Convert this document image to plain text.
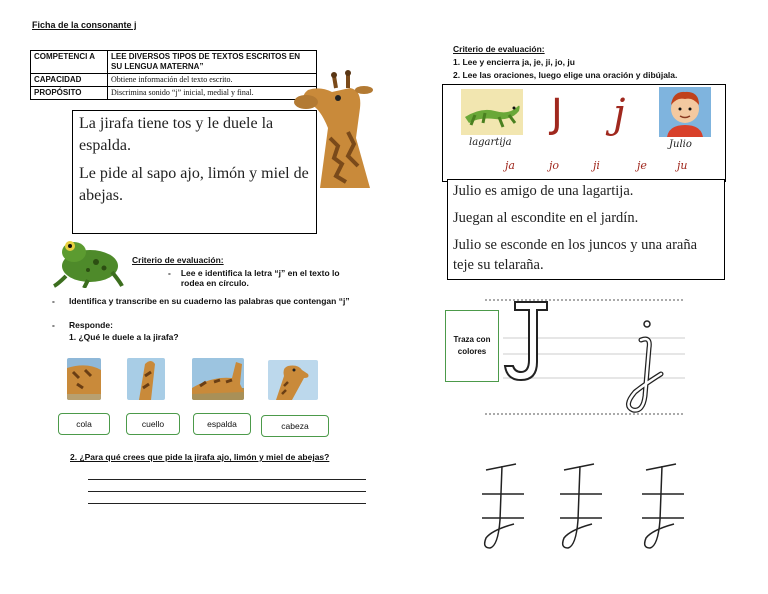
Ficha de la consonante j
COMPETENCI A	LEE DIVERSOS TIPOS DE TEXTOS ESCRITOS EN SU LENGUA MATERNA”
CAPACIDAD	Obtiene información del texto escrito.
PROPÓSITO	Discrimina sonido “j” inicial, medial y final.

La jirafa tiene tos y le duele la espalda.

Le pide al sapo ajo, limón y miel de abejas.

Criterio de evaluación:
- Lee e identifica la letra “j” en el texto lo rodea en círculo.
-	Identifica y transcribe en su cuaderno las palabras que contengan “j”
-	Responde:
1. ¿Qué le duele a la jirafa?
cola	cuello	espalda	cabeza
2. ¿Para qué crees que pide la jirafa ajo, limón y miel de abejas?
Criterio de evaluación:
1. Lee y encierra ja, je, ji, jo, ju
2. Lee las oraciones, luego elige una oración y dibújala.
lagartija
J j
Julio
ja	jo	ji	je	ju

Julio es amigo de una lagartija.

Juegan al escondite en el jardín.

Julio se esconde en los juncos y una araña teje su telaraña.

Traza con colores
